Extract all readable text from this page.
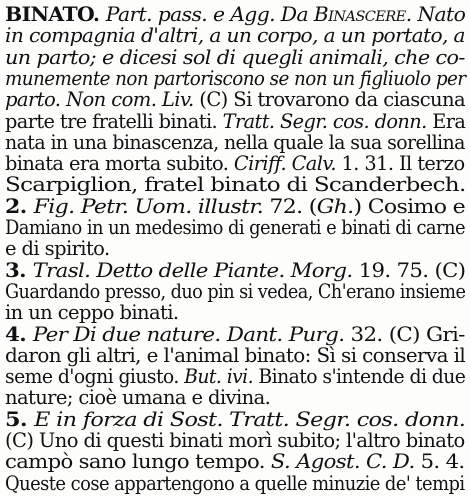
BINATO. Part. pass. e Agg. Da Binascere. Nato
in compagnia d'altri, a un corpo, a un portato, a
un parto; e dicesi sol di quegli animali, che co-
munemente non partoriscono se non un figliuolo per
parto. Non com. Liv. (C) Si trovarono da ciascuna
parte tre fratelli binati. Tratt. Segr. cos. donn. Era
nata in una binascenza, nella quale la sua sorellina
binata era morta subito. Ciriff. Calv. 1. 31. Il terzo
Scarpiglion, fratel binato di Scanderbech.
2. Fig. Petr. Uom. illustr. 72. (Gh.) Cosimo e
Damiano in un medesimo di generati e binati di carne
e di spirito.
3. Trasl. Detto delle Piante. Morg. 19. 75. (C)
Guardando presso, duo pin si vedea, Ch'erano insieme
in un ceppo binati.
4. Per Di due nature. Dant. Purg. 32. (C) Gri-
daron gli altri, e l'animal binato: Sì si conserva il
seme d'ogni giusto. But. ivi. Binato s'intende di due
nature; cioè umana e divina.
5. E in forza di Sost. Tratt. Segr. cos. donn.
(C) Uno di questi binati morì subito; l'altro binato
campò sano lungo tempo. S. Agost. C. D. 5. 4.
Queste cose appartengono a quelle minuzie de' tempi
